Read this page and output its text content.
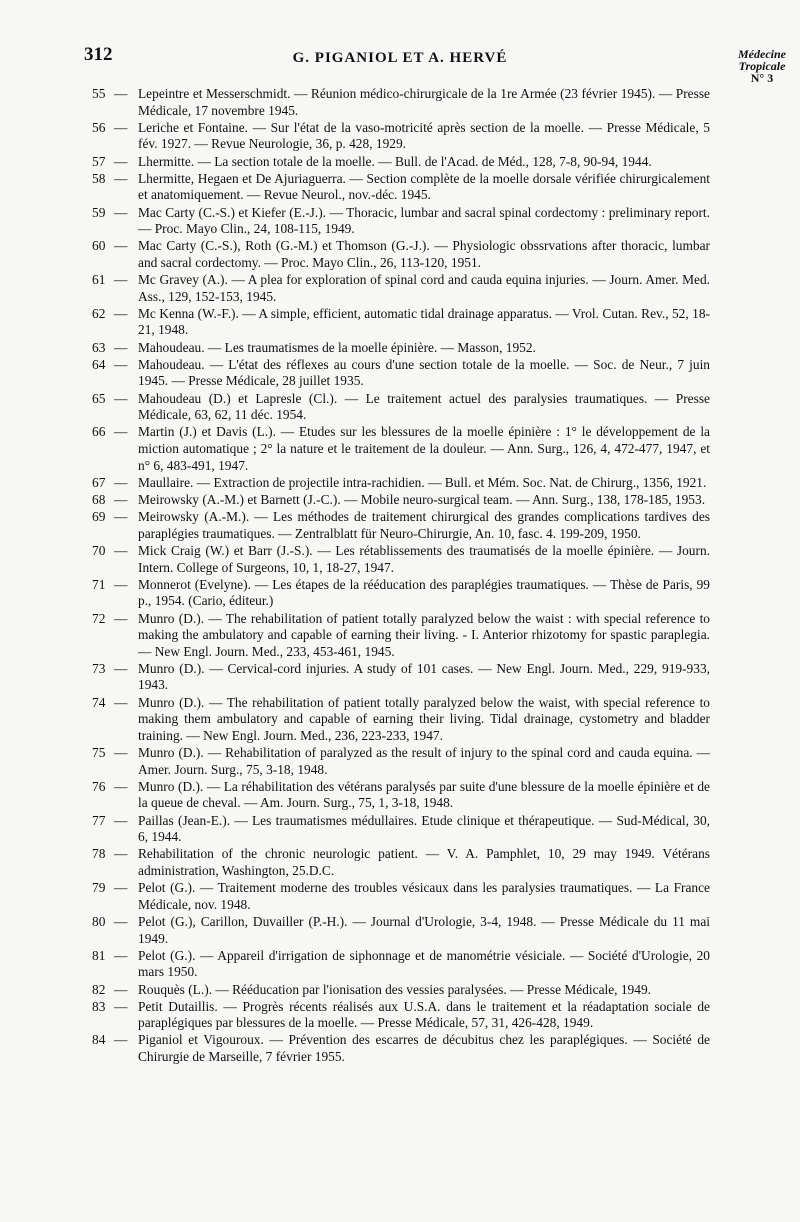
312	G. PIGANIOL ET A. HERVÉ	Médecine
Tropicale
N° 3
55 — Lepeintre et Messerschmidt. — Réunion médico-chirurgicale de la 1re Armée (23 février 1945). — Presse Médicale, 17 novembre 1945.
56 — Leriche et Fontaine. — Sur l'état de la vaso-motricité après section de la moelle. — Presse Médicale, 5 fév. 1927. — Revue Neurologie, 36, p. 428, 1929.
57 — Lhermitte. — La section totale de la moelle. — Bull. de l'Acad. de Méd., 128, 7-8, 90-94, 1944.
58 — Lhermitte, Hegaen et De Ajuriaguerra. — Section complète de la moelle dorsale vérifiée chirurgicalement et anatomiquement. — Revue Neurol., nov.-déc. 1945.
59 — Mac Carty (C.-S.) et Kiefer (E.-J.). — Thoracic, lumbar and sacral spinal cordectomy : preliminary report. — Proc. Mayo Clin., 24, 108-115, 1949.
60 — Mac Carty (C.-S.), Roth (G.-M.) et Thomson (G.-J.). — Physiologic obssrvations after thoracic, lumbar and sacral cordectomy. — Proc. Mayo Clin., 26, 113-120, 1951.
61 — Mc Gravey (A.). — A plea for exploration of spinal cord and cauda equina injuries. — Journ. Amer. Med. Ass., 129, 152-153, 1945.
62 — Mc Kenna (W.-F.). — A simple, efficient, automatic tidal drainage apparatus. — Vrol. Cutan. Rev., 52, 18-21, 1948.
63 — Mahoudeau. — Les traumatismes de la moelle épinière. — Masson, 1952.
64 — Mahoudeau. — L'état des réflexes au cours d'une section totale de la moelle. — Soc. de Neur., 7 juin 1945. — Presse Médicale, 28 juillet 1935.
65 — Mahoudeau (D.) et Lapresle (Cl.). — Le traitement actuel des paralysies traumatiques. — Presse Médicale, 63, 62, 11 déc. 1954.
66 — Martin (J.) et Davis (L.). — Etudes sur les blessures de la moelle épinière : 1° le développement de la miction automatique ; 2° la nature et le traitement de la douleur. — Ann. Surg., 126, 4, 472-477, 1947, et n° 6, 483-491, 1947.
67 — Maullaire. — Extraction de projectile intra-rachidien. — Bull. et Mém. Soc. Nat. de Chirurg., 1356, 1921.
68 — Meirowsky (A.-M.) et Barnett (J.-C.). — Mobile neuro-surgical team. — Ann. Surg., 138, 178-185, 1953.
69 — Meirowsky (A.-M.). — Les méthodes de traitement chirurgical des grandes complications tardives des paraplégies traumatiques. — Zentralblatt für Neuro-Chirurgie, An. 10, fasc. 4. 199-209, 1950.
70 — Mick Craig (W.) et Barr (J.-S.). — Les rétablissements des traumatisés de la moelle épinière. — Journ. Intern. College of Surgeons, 10, 1, 18-27, 1947.
71 — Monnerot (Evelyne). — Les étapes de la rééducation des paraplégies traumatiques. — Thèse de Paris, 99 p., 1954. (Cario, éditeur.)
72 — Munro (D.). — The rehabilitation of patient totally paralyzed below the waist : with special reference to making the ambulatory and capable of earning their living. - I. Anterior rhizotomy for spastic paraplegia. — New Engl. Journ. Med., 233, 453-461, 1945.
73 — Munro (D.). — Cervical-cord injuries. A study of 101 cases. — New Engl. Journ. Med., 229, 919-933, 1943.
74 — Munro (D.). — The rehabilitation of patient totally paralyzed below the waist, with special reference to making them ambulatory and capable of earning their living. Tidal drainage, cystometry and bladder training. — New Engl. Journ. Med., 236, 223-233, 1947.
75 — Munro (D.). — Rehabilitation of paralyzed as the result of injury to the spinal cord and cauda equina. — Amer. Journ. Surg., 75, 3-18, 1948.
76 — Munro (D.). — La réhabilitation des vétérans paralysés par suite d'une blessure de la moelle épinière et de la queue de cheval. — Am. Journ. Surg., 75, 1, 3-18, 1948.
77 — Paillas (Jean-E.). — Les traumatismes médullaires. Etude clinique et thérapeutique. — Sud-Médical, 30, 6, 1944.
78 — Rehabilitation of the chronic neurologic patient. — V. A. Pamphlet, 10, 29 may 1949. Vétérans administration, Washington, 25.D.C.
79 — Pelot (G.). — Traitement moderne des troubles vésicaux dans les paralysies traumatiques. — La France Médicale, nov. 1948.
80 — Pelot (G.), Carillon, Duvailler (P.-H.). — Journal d'Urologie, 3-4, 1948. — Presse Médicale du 11 mai 1949.
81 — Pelot (G.). — Appareil d'irrigation de siphonnage et de manométrie vésiciale. — Société d'Urologie, 20 mars 1950.
82 — Rouquès (L.). — Rééducation par l'ionisation des vessies paralysées. — Presse Médicale, 1949.
83 — Petit Dutaillis. — Progrès récents réalisés aux U.S.A. dans le traitement et la réadaptation sociale de paraplégiques par blessures de la moelle. — Presse Médicale, 57, 31, 426-428, 1949.
84 — Piganiol et Vigouroux. — Prévention des escarres de décubitus chez les paraplégiques. — Société de Chirurgie de Marseille, 7 février 1955.
